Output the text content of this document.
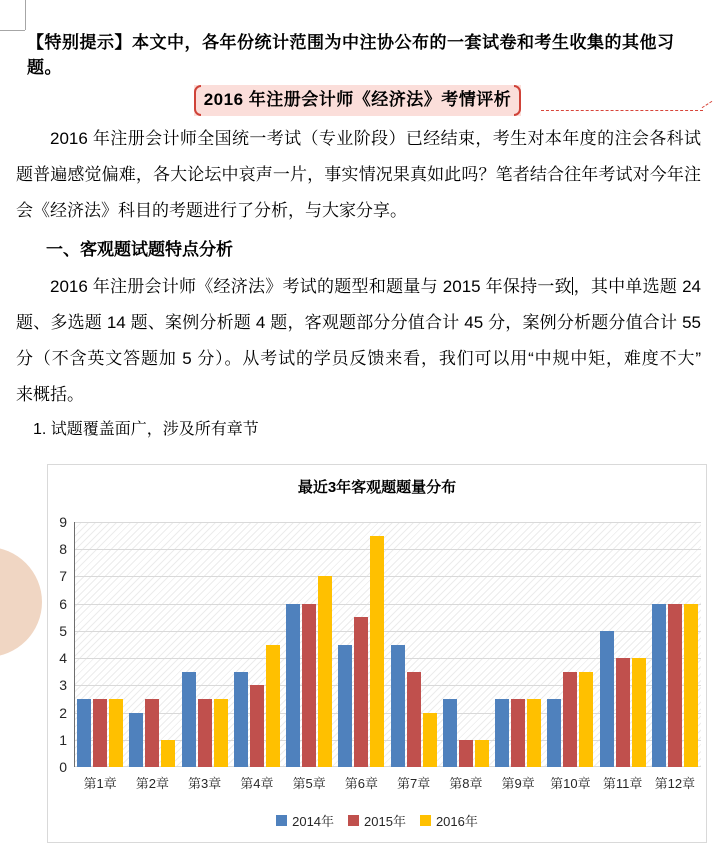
【特别提示】本文中，各年份统计范围为中注协公布的一套试卷和考生收集的其他习题。
2016 年注册会计师《经济法》考情评析
2016 年注册会计师全国统一考试（专业阶段）已经结束，考生对本年度的注会各科试
题普遍感觉偏难，各大论坛中哀声一片，事实情况果真如此吗？笔者结合往年考试对今年注
会《经济法》科目的考题进行了分析，与大家分享。
一、客观题试题特点分析
2016 年注册会计师《经济法》考试的题型和题量与 2015 年保持一致，其中单选题 24
题、多选题 14 题、案例分析题 4 题，客观题部分分值合计 45 分，案例分析题分值合计 55
分（不含英文答题加 5 分）。从考试的学员反馈来看，我们可以用“中规中矩，难度不大”
来概括。
1. 试题覆盖面广，涉及所有章节
最近3年客观题题量分布
0
1
2
3
4
5
6
7
8
9
第1章	第2章	第3章	第4章	第5章	第6章	第7章	第8章	第9章	第10章 第11章 第12章
2014年 2015年 2016年
